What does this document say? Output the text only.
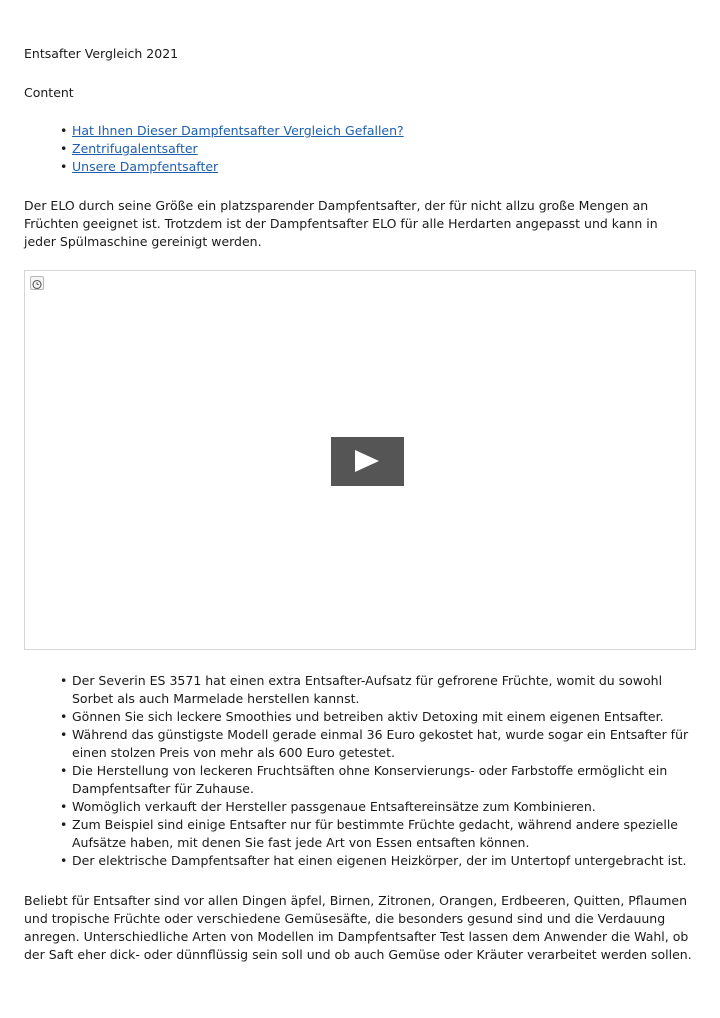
Entsafter Vergleich 2021
Content
• Hat Ihnen Dieser Dampfentsafter Vergleich Gefallen?
• Zentrifugalentsafter
• Unsere Dampfentsafter

Der ELO durch seine Größe ein platzsparender Dampfentsafter, der für nicht allzu große Mengen an Früchten geeignet ist. Trotzdem ist der Dampfentsafter ELO für alle Herdarten angepasst und kann in jeder Spülmaschine gereinigt werden.

• Der Severin ES 3571 hat einen extra Entsafter-Aufsatz für gefrorene Früchte, womit du sowohl Sorbet als auch Marmelade herstellen kannst.
• Gönnen Sie sich leckere Smoothies und betreiben aktiv Detoxing mit einem eigenen Entsafter.
• Während das günstigste Modell gerade einmal 36 Euro gekostet hat, wurde sogar ein Entsafter für einen stolzen Preis von mehr als 600 Euro getestet.
• Die Herstellung von leckeren Fruchtsäften ohne Konservierungs- oder Farbstoffe ermöglicht ein Dampfentsafter für Zuhause.
• Womöglich verkauft der Hersteller passgenaue Entsaftereinsätze zum Kombinieren.
• Zum Beispiel sind einige Entsafter nur für bestimmte Früchte gedacht, während andere spezielle Aufsätze haben, mit denen Sie fast jede Art von Essen entsaften können.
• Der elektrische Dampfentsafter hat einen eigenen Heizkörper, der im Untertopf untergebracht ist.

Beliebt für Entsafter sind vor allen Dingen äpfel, Birnen, Zitronen, Orangen, Erdbeeren, Quitten, Pflaumen und tropische Früchte oder verschiedene Gemüsesäfte, die besonders gesund sind und die Verdauung anregen. Unterschiedliche Arten von Modellen im Dampfentsafter Test lassen dem Anwender die Wahl, ob der Saft eher dick- oder dünnflüssig sein soll und ob auch Gemüse oder Kräuter verarbeitet werden sollen.
